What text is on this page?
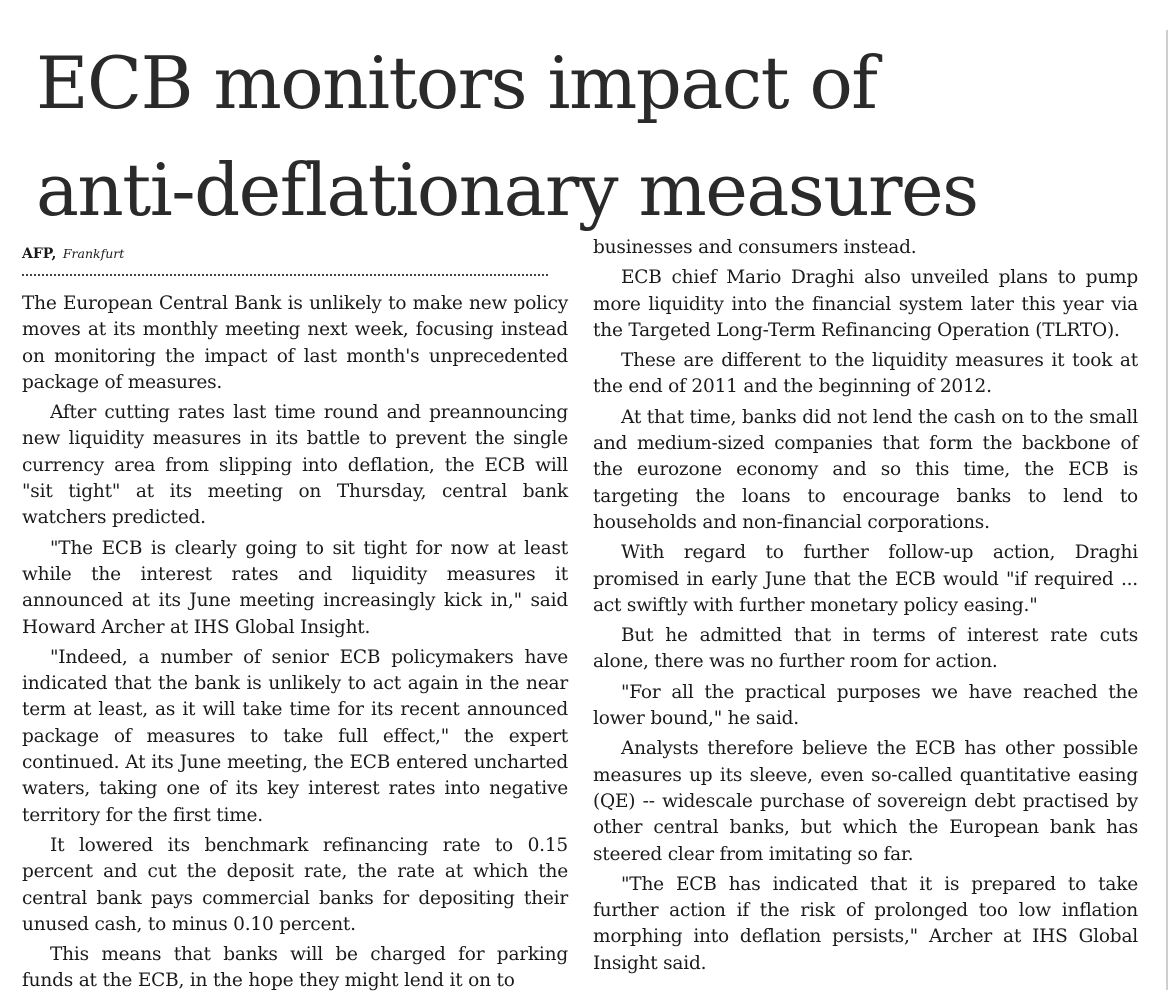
ECB monitors impact of
anti-deflationary measures
AFP, Frankfurt

The European Central Bank is unlikely to make new policy moves at its monthly meeting next week, focusing instead on monitoring the impact of last month's unprecedented package of measures.

After cutting rates last time round and preannouncing new liquidity measures in its battle to prevent the single currency area from slipping into deflation, the ECB will "sit tight" at its meeting on Thursday, central bank watchers predicted.

"The ECB is clearly going to sit tight for now at least while the interest rates and liquidity measures it announced at its June meeting increasingly kick in," said Howard Archer at IHS Global Insight.

"Indeed, a number of senior ECB policymakers have indicated that the bank is unlikely to act again in the near term at least, as it will take time for its recent announced package of measures to take full effect," the expert continued. At its June meeting, the ECB entered uncharted waters, taking one of its key interest rates into negative territory for the first time.

It lowered its benchmark refinancing rate to 0.15 percent and cut the deposit rate, the rate at which the central bank pays commercial banks for depositing their unused cash, to minus 0.10 percent.

This means that banks will be charged for parking funds at the ECB, in the hope they might lend it on to

businesses and consumers instead.

ECB chief Mario Draghi also unveiled plans to pump more liquidity into the financial system later this year via the Targeted Long-Term Refinancing Operation (TLRTO).

These are different to the liquidity measures it took at the end of 2011 and the beginning of 2012.

At that time, banks did not lend the cash on to the small and medium-sized companies that form the backbone of the eurozone economy and so this time, the ECB is targeting the loans to encourage banks to lend to households and non-financial corporations.

With regard to further follow-up action, Draghi promised in early June that the ECB would "if required ... act swiftly with further monetary policy easing."

But he admitted that in terms of interest rate cuts alone, there was no further room for action.

"For all the practical purposes we have reached the lower bound," he said.

Analysts therefore believe the ECB has other possible measures up its sleeve, even so-called quantitative easing (QE) -- widescale purchase of sovereign debt practised by other central banks, but which the European bank has steered clear from imitating so far.

"The ECB has indicated that it is prepared to take further action if the risk of prolonged too low inflation morphing into deflation persists," Archer at IHS Global Insight said.
